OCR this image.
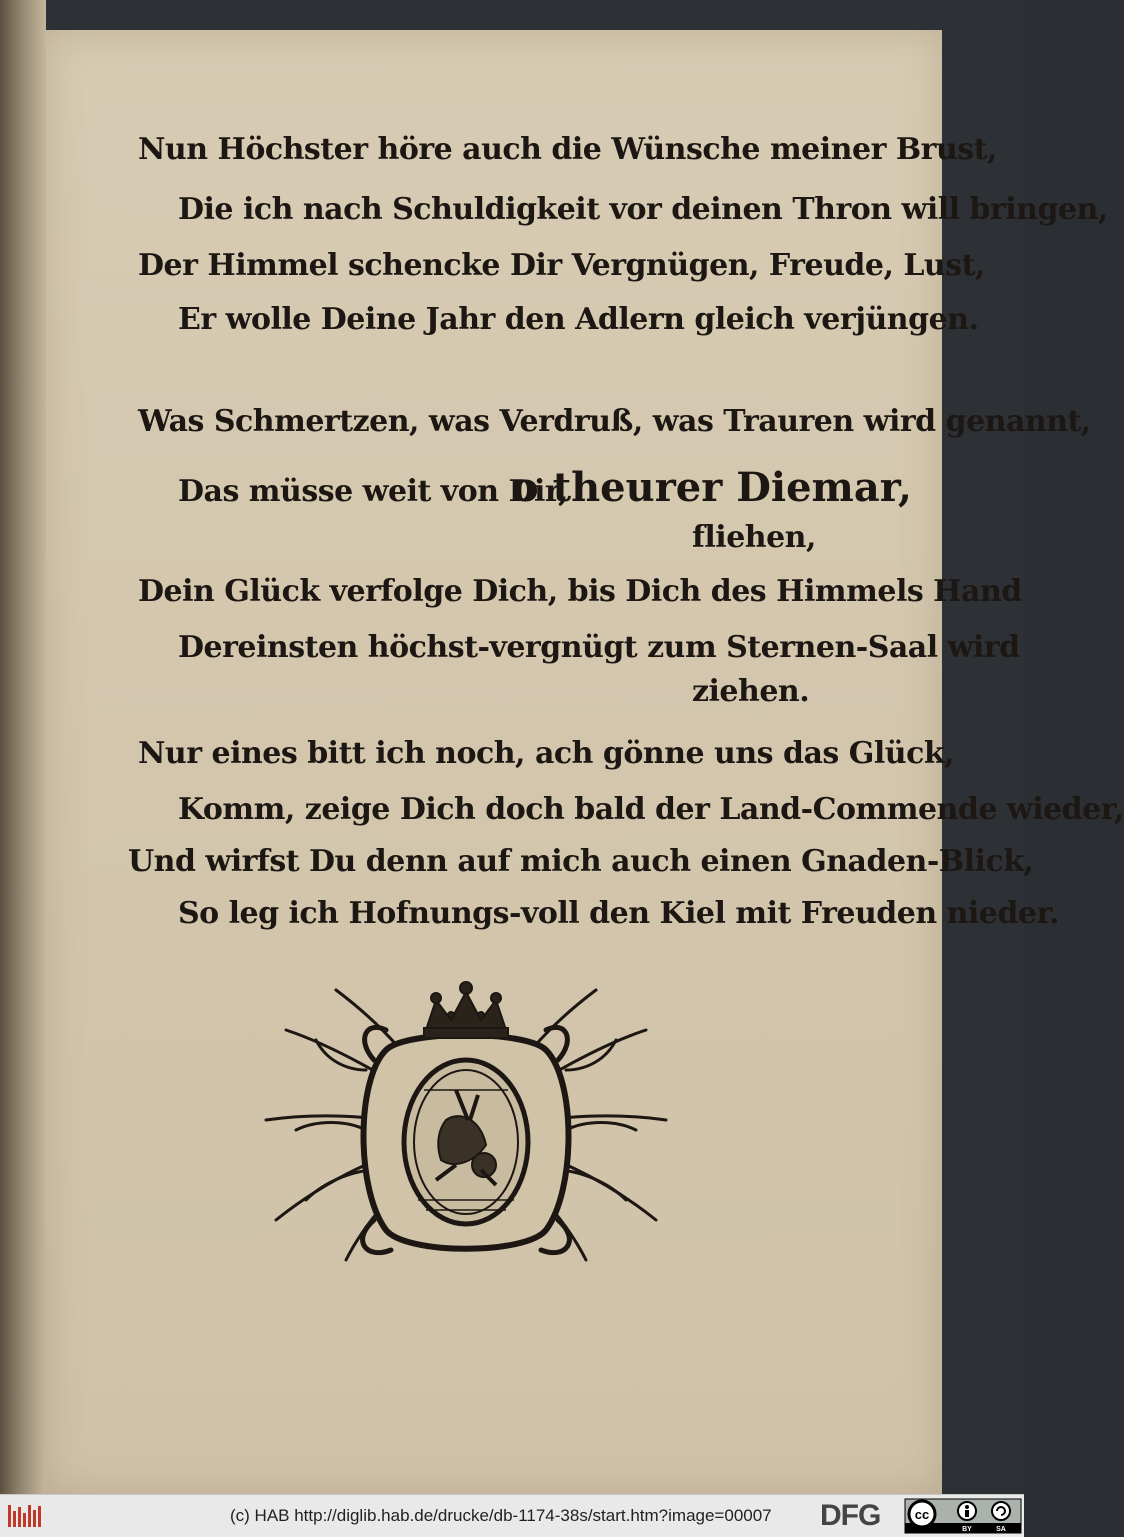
Nun Höchster höre auch die Wünsche meiner Brust,
Die ich nach Schuldigkeit vor deinen Thron will bringen,
Der Himmel schencke Dir Vergnügen, Freude, Lust,
Er wolle Deine Jahr den Adlern gleich verjüngen.
Was Schmertzen, was Verdruß, was Trauren wird genannt,
Das müsse weit von Dir,
o theurer Diemar,
fliehen,
Dein Glück verfolge Dich, bis Dich des Himmels Hand
Dereinsten höchst-vergnügt zum Sternen-Saal wird
ziehen.
Nur eines bitt ich noch, ach gönne uns das Glück,
Komm, zeige Dich doch bald der Land-Commende wieder,
Und wirfst Du denn auf mich auch einen Gnaden-Blick,
So leg ich Hofnungs-voll den Kiel mit Freuden nieder.
(c) HAB http://diglib.hab.de/drucke/db-1174-38s/start.htm?image=00007 DFG	cc
BY	SA
